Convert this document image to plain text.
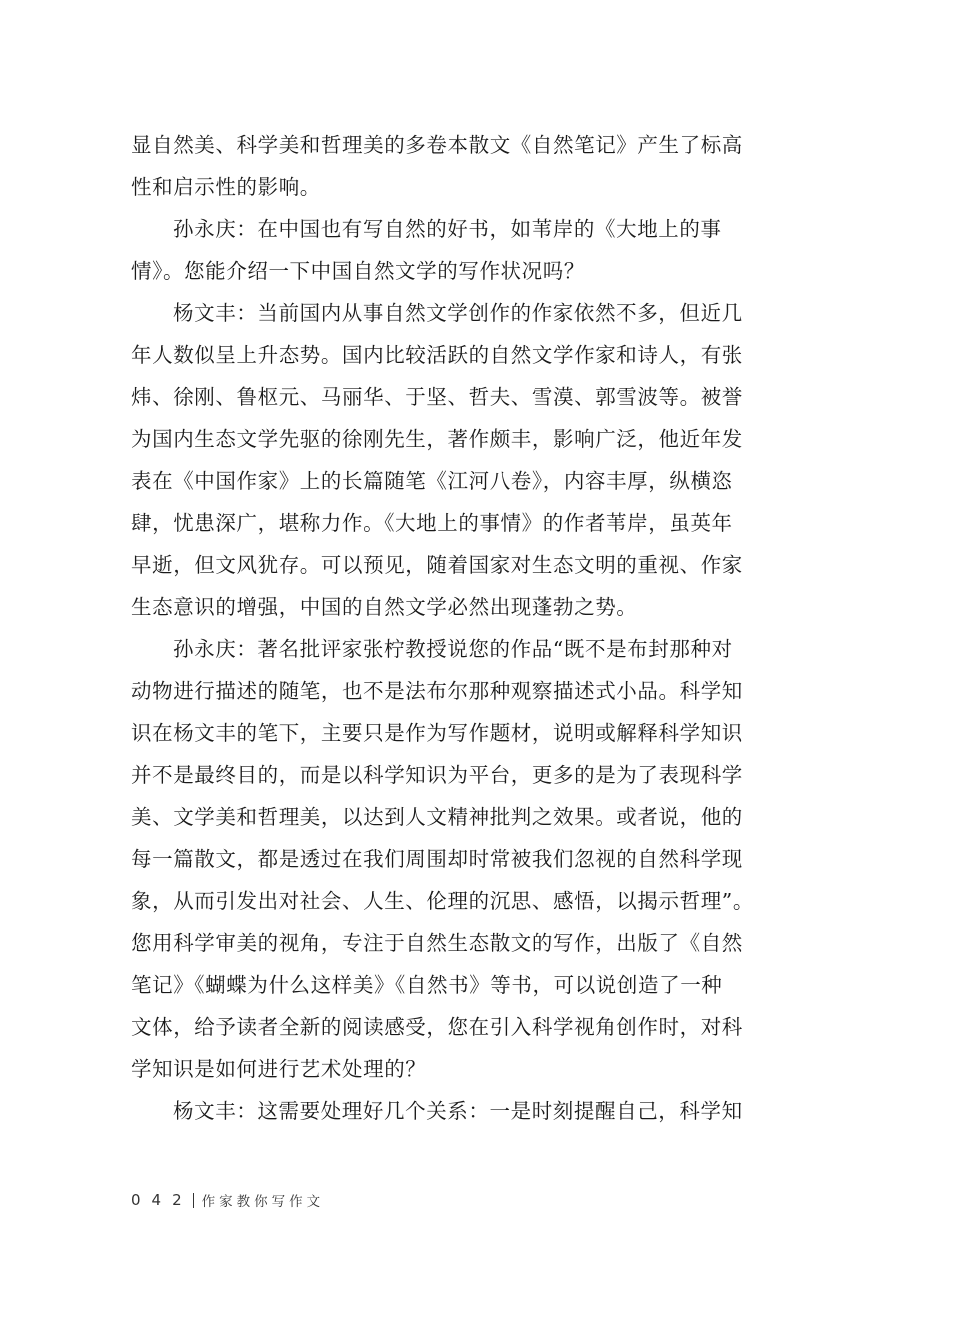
显自然美、科学美和哲理美的多卷本散文《自然笔记》产生了标高
性和启示性的影响。
孙永庆：在中国也有写自然的好书，如苇岸的《大地上的事
情》。您能介绍一下中国自然文学的写作状况吗？
杨文丰：当前国内从事自然文学创作的作家依然不多，但近几
年人数似呈上升态势。国内比较活跃的自然文学作家和诗人，有张
炜、徐刚、鲁枢元、马丽华、于坚、哲夫、雪漠、郭雪波等。被誉
为国内生态文学先驱的徐刚先生，著作颇丰，影响广泛，他近年发
表在《中国作家》上的长篇随笔《江河八卷》，内容丰厚，纵横恣
肆，忧患深广，堪称力作。《大地上的事情》的作者苇岸，虽英年
早逝，但文风犹存。可以预见，随着国家对生态文明的重视、作家
生态意识的增强，中国的自然文学必然出现蓬勃之势。
孙永庆：著名批评家张柠教授说您的作品“既不是布封那种对
动物进行描述的随笔，也不是法布尔那种观察描述式小品。科学知
识在杨文丰的笔下，主要只是作为写作题材，说明或解释科学知识
并不是最终目的，而是以科学知识为平台，更多的是为了表现科学
美、文学美和哲理美，以达到人文精神批判之效果。或者说，他的
每一篇散文，都是透过在我们周围却时常被我们忽视的自然科学现
象，从而引发出对社会、人生、伦理的沉思、感悟，以揭示哲理”。
您用科学审美的视角，专注于自然生态散文的写作，出版了《自然
笔记》《蝴蝶为什么这样美》《自然书》等书，可以说创造了一种
文体，给予读者全新的阅读感受，您在引入科学视角创作时，对科
学知识是如何进行艺术处理的？
杨文丰：这需要处理好几个关系：一是时刻提醒自己，科学知
042 作家教你写作文
